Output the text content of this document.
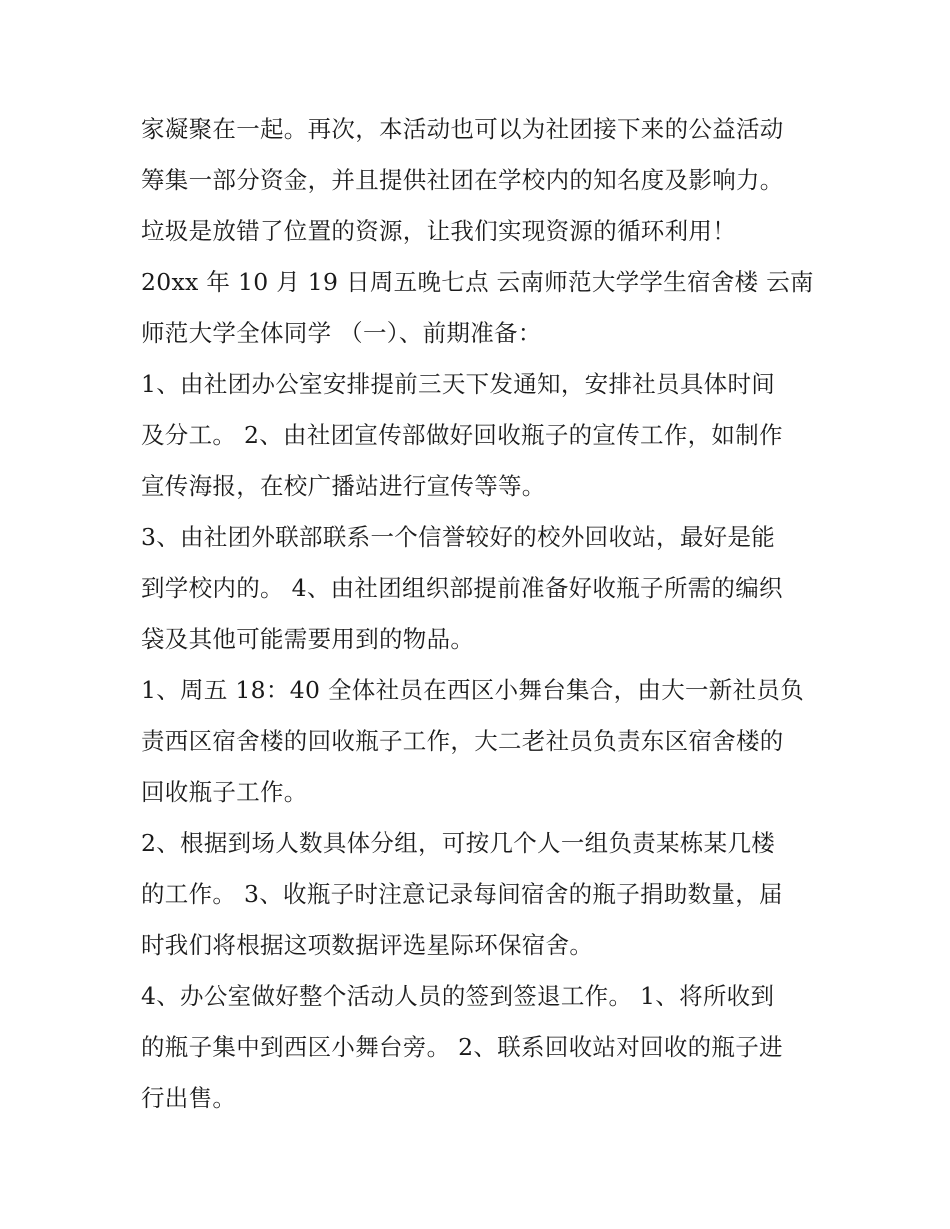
家凝聚在一起。再次，本活动也可以为社团接下来的公益活动
筹集一部分资金，并且提供社团在学校内的知名度及影响力。
垃圾是放错了位置的资源，让我们实现资源的循环利用！
20xx 年 10 月 19 日周五晚七点 云南师范大学学生宿舍楼 云南
师范大学全体同学 （一）、前期准备：
1、由社团办公室安排提前三天下发通知，安排社员具体时间
及分工。 2、由社团宣传部做好回收瓶子的宣传工作，如制作
宣传海报，在校广播站进行宣传等等。
3、由社团外联部联系一个信誉较好的校外回收站，最好是能
到学校内的。 4、由社团组织部提前准备好收瓶子所需的编织
袋及其他可能需要用到的物品。
1、周五 18：40 全体社员在西区小舞台集合，由大一新社员负
责西区宿舍楼的回收瓶子工作，大二老社员负责东区宿舍楼的
回收瓶子工作。
2、根据到场人数具体分组，可按几个人一组负责某栋某几楼
的工作。 3、收瓶子时注意记录每间宿舍的瓶子捐助数量，届
时我们将根据这项数据评选星际环保宿舍。
4、办公室做好整个活动人员的签到签退工作。 1、将所收到
的瓶子集中到西区小舞台旁。 2、联系回收站对回收的瓶子进
行出售。
